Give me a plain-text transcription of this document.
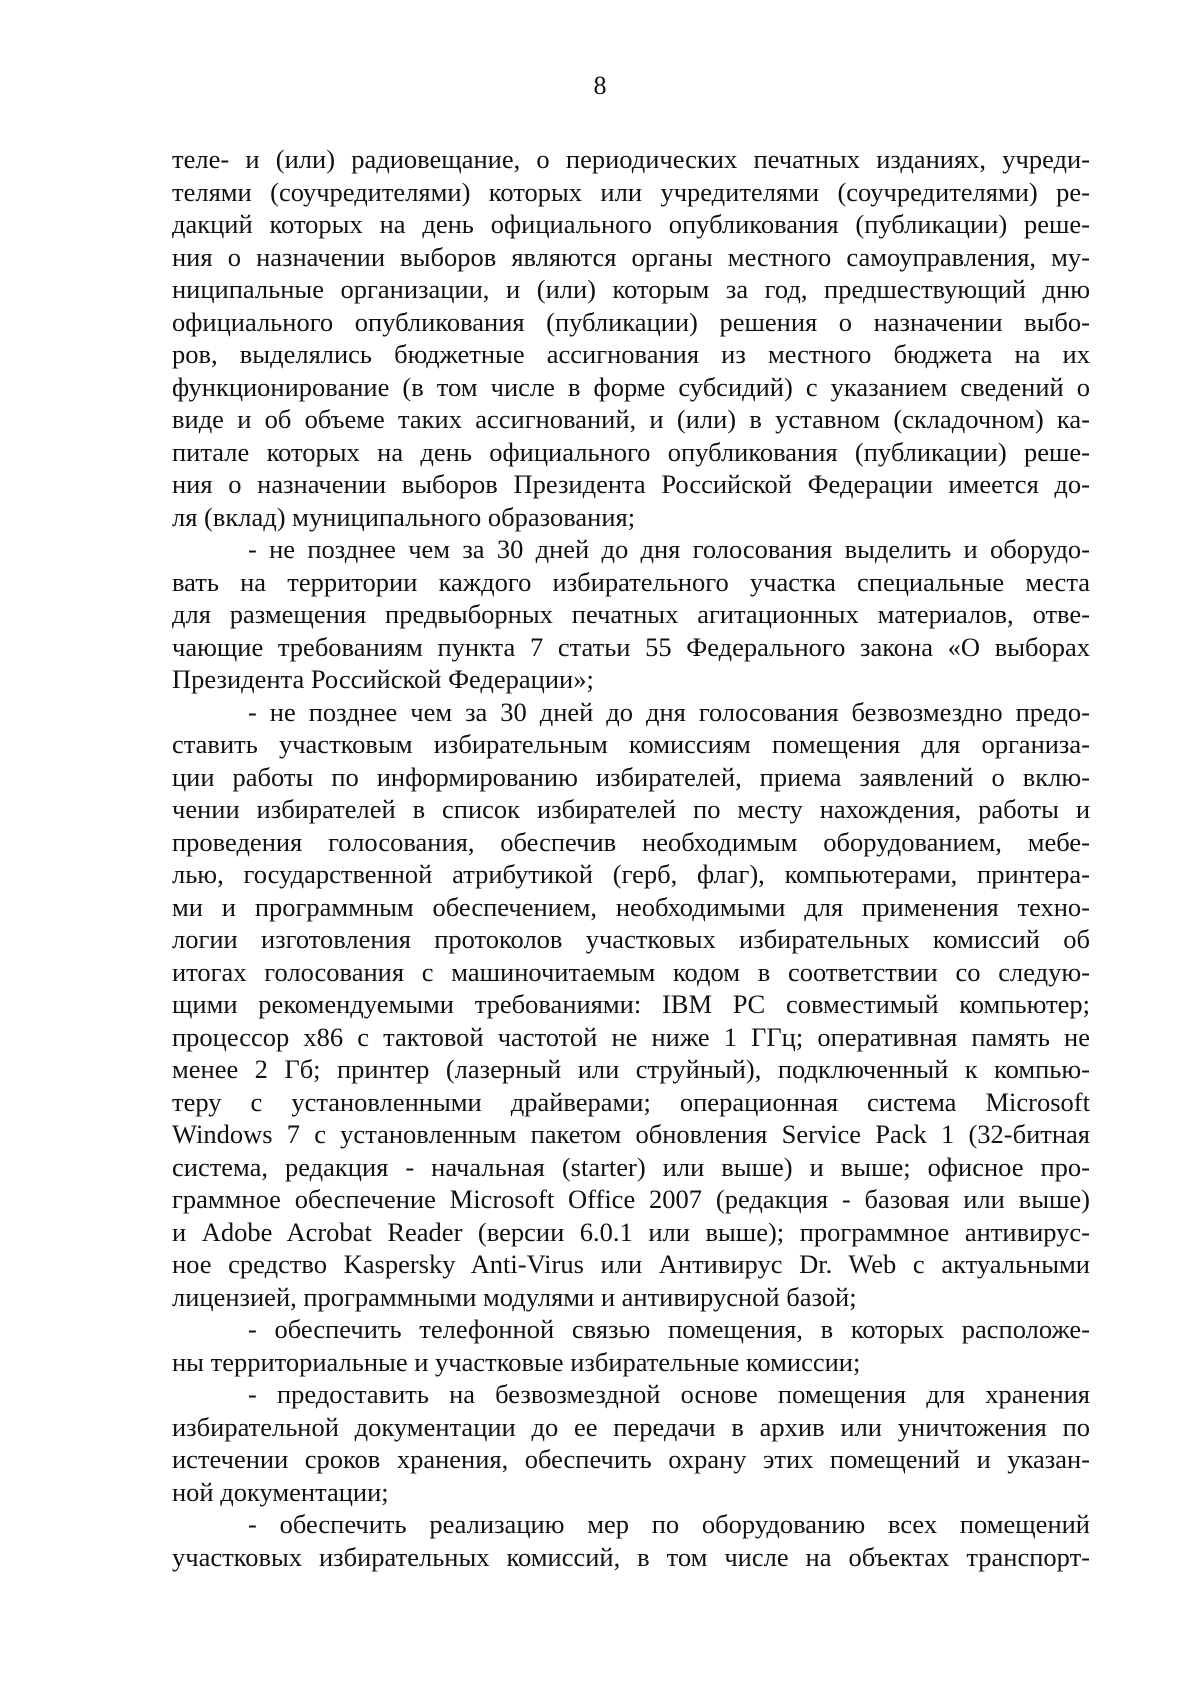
8
теле- и (или) радиовещание, о периодических печатных изданиях, учреди-
телями (соучредителями) которых или учредителями (соучредителями) ре-
дакций которых на день официального опубликования (публикации) реше-
ния о назначении выборов являются органы местного самоуправления, му-
ниципальные организации, и (или) которым за год, предшествующий дню
официального опубликования (публикации) решения о назначении выбо-
ров, выделялись бюджетные ассигнования из местного бюджета на их
функционирование (в том числе в форме субсидий) с указанием сведений о
виде и об объеме таких ассигнований, и (или) в уставном (складочном) ка-
питале которых на день официального опубликования (публикации) реше-
ния о назначении выборов Президента Российской Федерации имеется до-
ля (вклад) муниципального образования;
- не позднее чем за 30 дней до дня голосования выделить и оборудо-
вать на территории каждого избирательного участка специальные места
для размещения предвыборных печатных агитационных материалов, отве-
чающие требованиям пункта 7 статьи 55 Федерального закона «О выборах
Президента Российской Федерации»;
- не позднее чем за 30 дней до дня голосования безвозмездно предо-
ставить участковым избирательным комиссиям помещения для организа-
ции работы по информированию избирателей, приема заявлений о вклю-
чении избирателей в список избирателей по месту нахождения, работы и
проведения голосования, обеспечив необходимым оборудованием, мебе-
лью, государственной атрибутикой (герб, флаг), компьютерами, принтера-
ми и программным обеспечением, необходимыми для применения техно-
логии изготовления протоколов участковых избирательных комиссий об
итогах голосования с машиночитаемым кодом в соответствии со следую-
щими рекомендуемыми требованиями: IBM PC совместимый компьютер;
процессор x86 с тактовой частотой не ниже 1 ГГц; оперативная память не
менее 2 Гб; принтер (лазерный или струйный), подключенный к компью-
теру с установленными драйверами; операционная система Microsoft
Windows 7 с установленным пакетом обновления Service Pack 1 (32-битная
система, редакция - начальная (starter) или выше) и выше; офисное про-
граммное обеспечение Microsoft Office 2007 (редакция - базовая или выше)
и Adobe Acrobat Reader (версии 6.0.1 или выше); программное антивирус-
ное средство Kaspersky Anti-Virus или Антивирус Dr. Web с актуальными
лицензией, программными модулями и антивирусной базой;
- обеспечить телефонной связью помещения, в которых расположе-
ны территориальные и участковые избирательные комиссии;
- предоставить на безвозмездной основе помещения для хранения
избирательной документации до ее передачи в архив или уничтожения по
истечении сроков хранения, обеспечить охрану этих помещений и указан-
ной документации;
- обеспечить реализацию мер по оборудованию всех помещений
участковых избирательных комиссий, в том числе на объектах транспорт-
